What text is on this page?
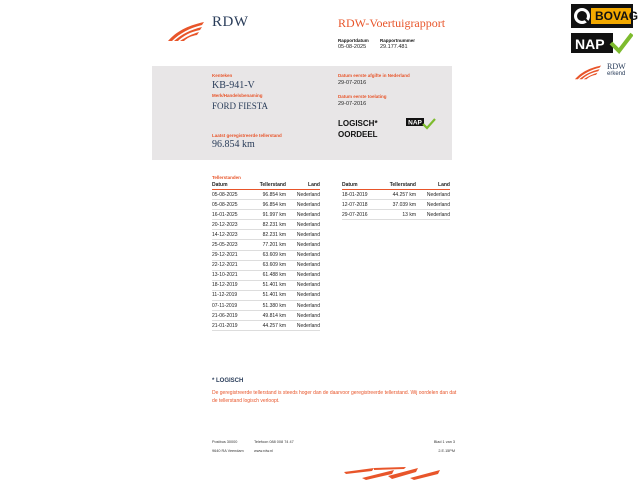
RDW	RDW-Voertuigrapport
Rapportdatum
05-08-2025
Rapportnummer
29.177.481
Kenteken
KB-941-V
Merk/Handelsbenaming
FORD FIESTA
Laatst geregistreerde tellerstand
96.854 km
Datum eerste afgifte in Nederland
29-07-2016
Datum eerste toelating
29-07-2016
LOGISCH*
OORDEEL
NAP
Tellerstanden
Datum	Tellerstand	Land
05-08-2025	96.854 km	Nederland
05-08-2025	96.854 km	Nederland
16-01-2025	91.997 km	Nederland
20-12-2023	82.231 km	Nederland
14-12-2023	82.231 km	Nederland
25-05-2023	77.201 km	Nederland
29-12-2021	63.609 km	Nederland
22-12-2021	63.609 km	Nederland
13-10-2021	61.488 km	Nederland
18-12-2019	51.401 km	Nederland
11-12-2019	51.401 km	Nederland
07-11-2019	51.380 km	Nederland
21-06-2019	49.814 km	Nederland
21-01-2019	44.257 km	Nederland
Datum	Tellerstand	Land
18-01-2019	44.257 km	Nederland
12-07-2018	37.039 km	Nederland
29-07-2016	13 km	Nederland
* LOGISCH
De geregistreerde tellerstand is steeds hoger dan de daarvoor geregistreerde tellerstand. Wij oordelen dan dat de tellerstand logisch verloopt.
Postbus 30000
9640 RA Veendam
Telefoon 088 008 74 47
www.rdw.nl
Blad 1 van 3
2.E.15PM
BOVAG
NAP
RDW
erkend
